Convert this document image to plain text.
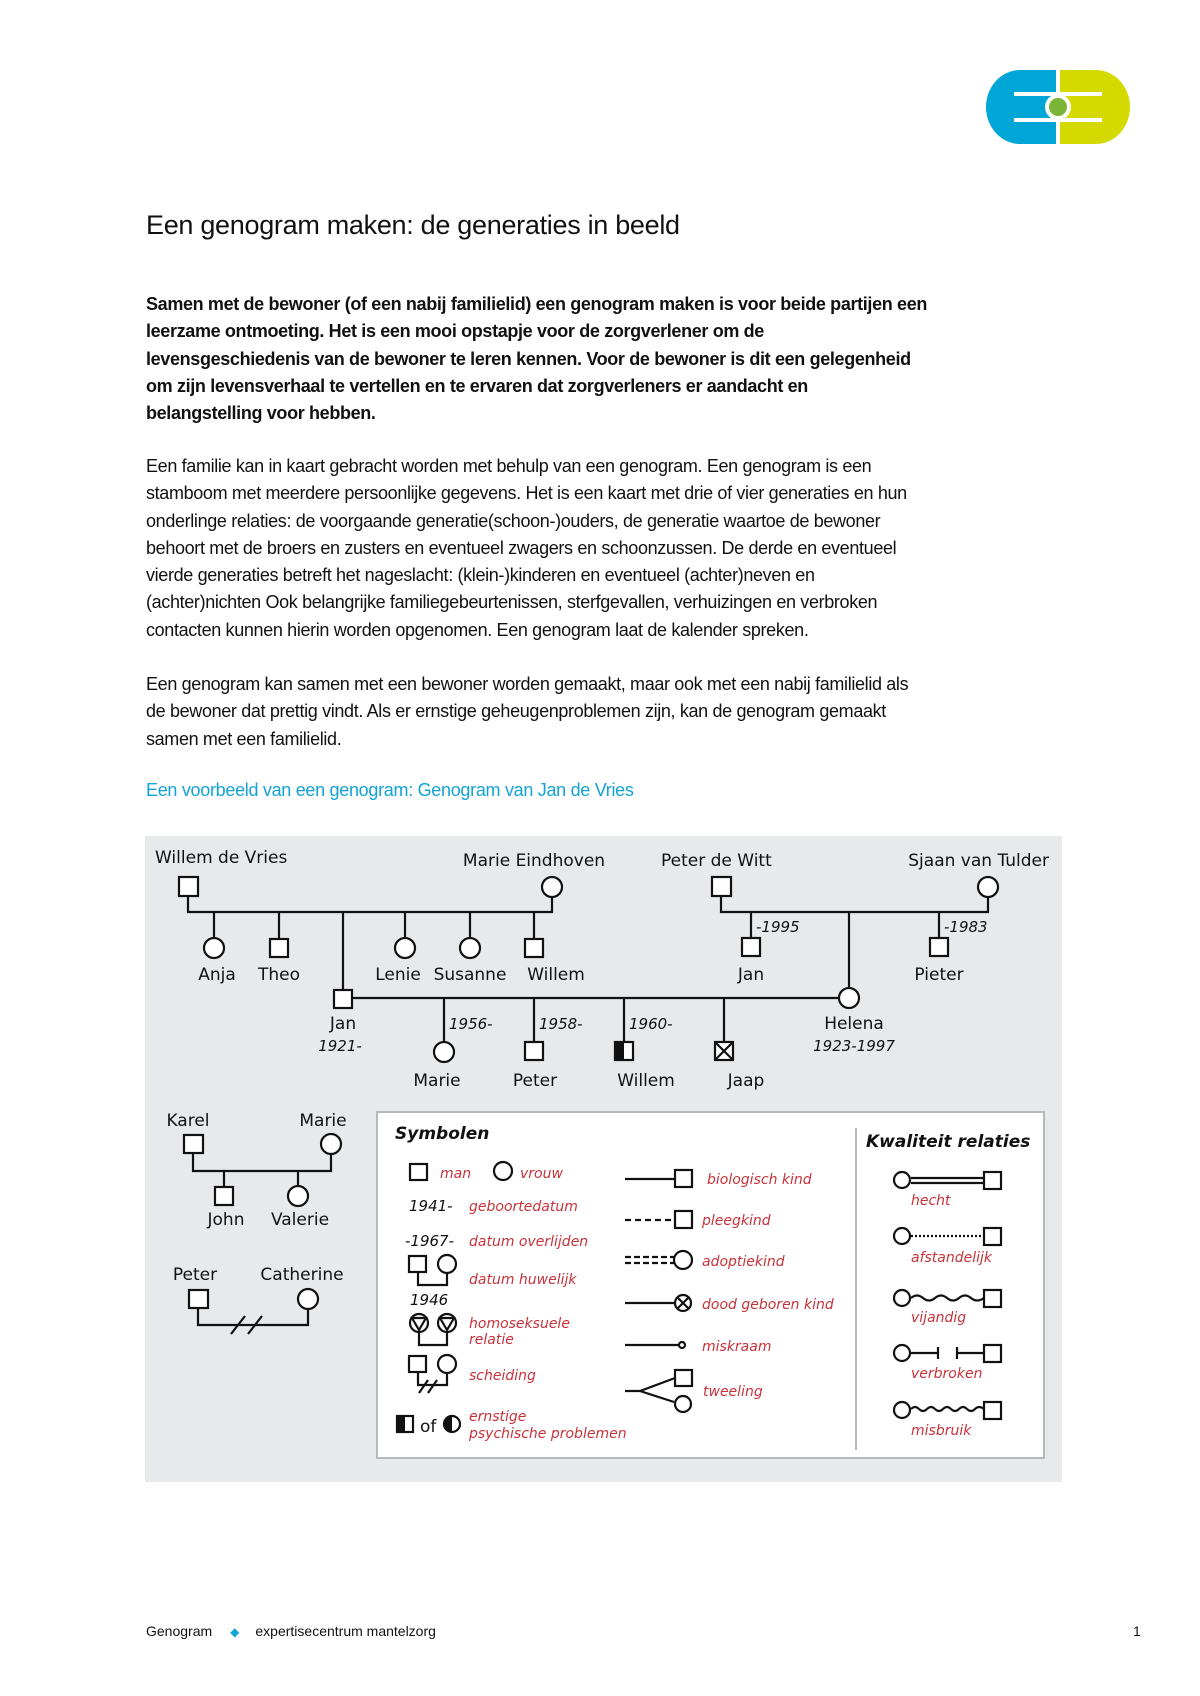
Een genogram maken: de generaties in beeld
Samen met de bewoner (of een nabij familielid) een genogram maken is voor beide partijen een
leerzame ontmoeting. Het is een mooi opstapje voor de zorgverlener om de
levensgeschiedenis van de bewoner te leren kennen. Voor de bewoner is dit een gelegenheid
om zijn levensverhaal te vertellen en te ervaren dat zorgverleners er aandacht en
belangstelling voor hebben.
Een familie kan in kaart gebracht worden met behulp van een genogram. Een genogram is een
stamboom met meerdere persoonlijke gegevens. Het is een kaart met drie of vier generaties en hun
onderlinge relaties: de voorgaande generatie(schoon-)ouders, de generatie waartoe de bewoner
behoort met de broers en zusters en eventueel zwagers en schoonzussen. De derde en eventueel
vierde generaties betreft het nageslacht: (klein-)kinderen en eventueel (achter)neven en
(achter)nichten Ook belangrijke familiegebeurtenissen, sterfgevallen, verhuizingen en verbroken
contacten kunnen hierin worden opgenomen. Een genogram laat de kalender spreken.
Een genogram kan samen met een bewoner worden gemaakt, maar ook met een nabij familielid als
de bewoner dat prettig vindt. Als er ernstige geheugenproblemen zijn, kan de genogram gemaakt
samen met een familielid.
Een voorbeeld van een genogram: Genogram van Jan de Vries
Willem de Vries	Marie Eindhoven
Anja Theo	Lenie Susanne Willem
Peter de Witt	Sjaan van Tulder
-1995	-1983
Jan	Pieter
Jan
1921-
Helena
1923-1997
1956-	1958-	1960-
Marie	Peter	Willem	Jaap
Karel	Marie
John Valerie
Peter	Catherine
Symbolen
man	vrouw
1941- geboortedatum
-1967- datum overlijden
1946
datum huwelijk
homoseksuele
relatie
scheiding
of ernstige
psychische problemen
biologisch kind
pleegkind
adoptiekind
dood geboren kind
miskraam
tweeling
Kwaliteit relaties
hecht
afstandelijk
vijandig
verbroken
misbruik
Genogram ◆ expertisecentrum mantelzorg	1
